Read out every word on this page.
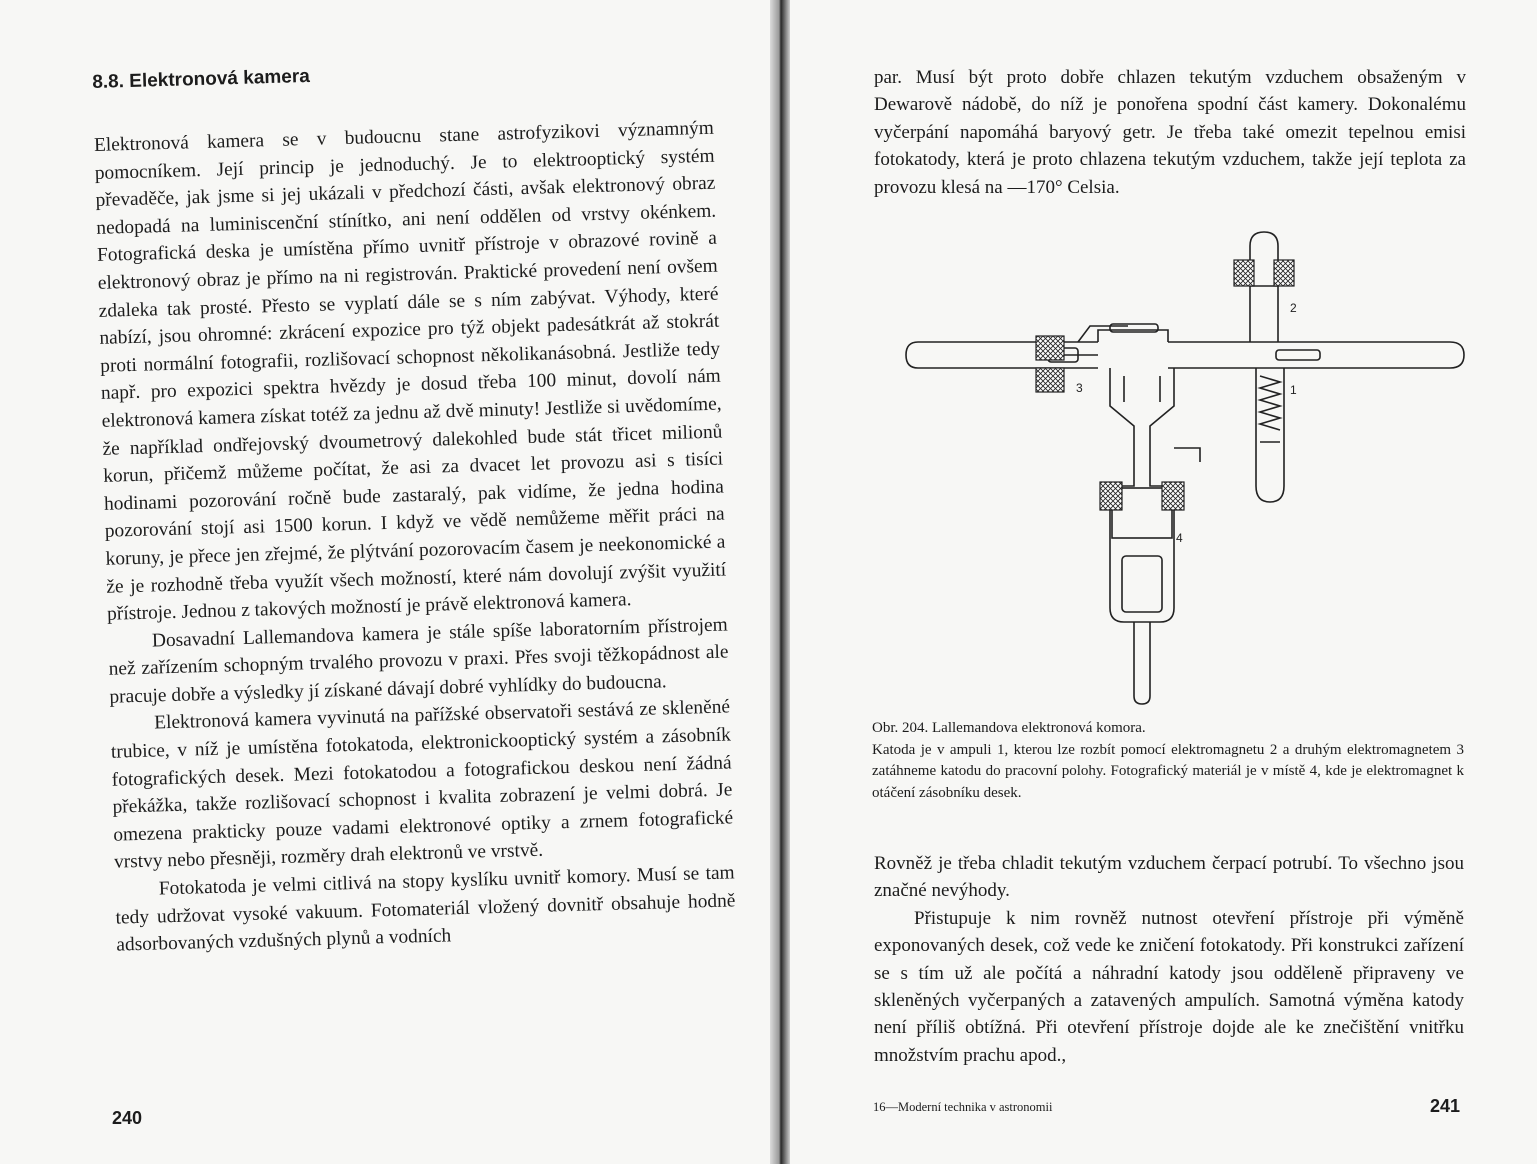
8.8. Elektronová kamera

Elektronová kamera se v budoucnu stane astrofyzikovi významným pomocníkem. Její princip je jednoduchý. Je to elektrooptický systém převaděče, jak jsme si jej ukázali v předchozí části, avšak elektronový obraz nedopadá na luminiscenční stínítko, ani není oddělen od vrstvy okénkem. Fotografická deska je umístěna přímo uvnitř přístroje v obrazové rovině a elektronový obraz je přímo na ni registrován. Praktické provedení není ovšem zdaleka tak prosté. Přesto se vyplatí dále se s ním zabývat. Výhody, které nabízí, jsou ohromné: zkrácení expozice pro týž objekt padesátkrát až stokrát proti normální fotografii, rozlišovací schopnost několikanásobná. Jestliže tedy např. pro expozici spektra hvězdy je dosud třeba 100 minut, dovolí nám elektronová kamera získat totéž za jednu až dvě minuty! Jestliže si uvědomíme, že například ondřejovský dvoumetrový dalekohled bude stát třicet milionů korun, přičemž můžeme počítat, že asi za dvacet let provozu asi s tisíci hodinami pozorování ročně bude zastaralý, pak vidíme, že jedna hodina pozorování stojí asi 1500 korun. I když ve vědě nemůžeme měřit práci na koruny, je přece jen zřejmé, že plýtvání pozorovacím časem je neekonomické a že je rozhodně třeba využít všech možností, které nám dovolují zvýšit využití přístroje. Jednou z takových možností je právě elektronová kamera.

Dosavadní Lallemandova kamera je stále spíše laboratorním přístrojem než zařízením schopným trvalého provozu v praxi. Přes svoji těžkopádnost ale pracuje dobře a výsledky jí získané dávají dobré vyhlídky do budoucna.

Elektronová kamera vyvinutá na pařížské observatoři sestává ze skleněné trubice, v níž je umístěna fotokatoda, elektronickooptický systém a zásobník fotografických desek. Mezi fotokatodou a fotografickou deskou není žádná překážka, takže rozlišovací schopnost i kvalita zobrazení je velmi dobrá. Je omezena prakticky pouze vadami elektronové optiky a zrnem fotografické vrstvy nebo přesněji, rozměry drah elektronů ve vrstvě.

Fotokatoda je velmi citlivá na stopy kyslíku uvnitř komory. Musí se tam tedy udržovat vysoké vakuum. Fotomateriál vložený dovnitř obsahuje hodně adsorbovaných vzdušných plynů a vodních

240

par. Musí být proto dobře chlazen tekutým vzduchem obsaženým v Dewarově nádobě, do níž je ponořena spodní část kamery. Dokonalému vyčerpání napomáhá baryový getr. Je třeba také omezit tepelnou emisi fotokatody, která je proto chlazena tekutým vzduchem, takže její teplota za provozu klesá na —170° Celsia.

2
1
3
4
Obr. 204. Lallemandova elektronová komora.
Katoda je v ampuli 1, kterou lze rozbít pomocí elektromagnetu 2 a druhým elektromagnetem 3 zatáhneme katodu do pracovní polohy. Fotografický materiál je v místě 4, kde je elektromagnet k otáčení zásobníku desek.

Rovněž je třeba chladit tekutým vzduchem čerpací potrubí. To všechno jsou značné nevýhody.

Přistupuje k nim rovněž nutnost otevření přístroje při výměně exponovaných desek, což vede ke zničení fotokatody. Při konstrukci zařízení se s tím už ale počítá a náhradní katody jsou odděleně připraveny ve skleněných vyčerpaných a zatavených ampulích. Samotná výměna katody není příliš obtížná. Při otevření přístroje dojde ale ke znečištění vnitřku množstvím prachu apod.,

16—Moderní technika v astronomii	241
